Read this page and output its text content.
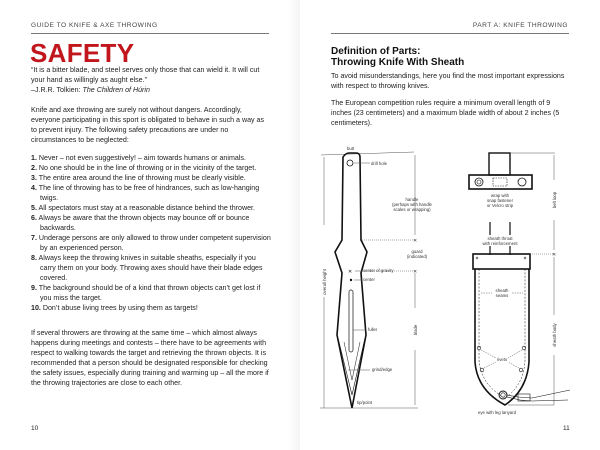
GUIDE TO KNIFE & AXE THROWING
SAFETY
“It is a bitter blade, and steel serves only those that can wield it. It will cut your hand as willingly as aught else.”
–J.R.R. Tolkien: The Children of Húrin
Knife and axe throwing are surely not without dangers. Accordingly, everyone participating in this sport is obligated to behave in such a way as to prevent injury. The following safety precautions are under no circumstances to be neglected:
1. Never – not even suggestively! – aim towards humans or animals.
2. No one should be in the line of throwing or in the vicinity of the target.
3. The entire area around the line of throwing must be clearly visible.
4. The line of throwing has to be free of hindrances, such as low-hanging twigs.
5. All spectators must stay at a reasonable distance behind the thrower.
6. Always be aware that the thrown objects may bounce off or bounce backwards.
7. Underage persons are only allowed to throw under competent supervision by an experienced person.
8. Always keep the throwing knives in suitable sheaths, especially if you carry them on your body. Throwing axes should have their blade edges covered.
9. The background should be of a kind that thrown objects can’t get lost if you miss the target.
10. Don’t abuse living trees by using them as targets!
If several throwers are throwing at the same time – which almost always happens during meetings and contests – there have to be agreements with respect to walking towards the target and retrieving the thrown objects. It is recommended that a person should be designated responsible for checking the safety issues, especially during training and warming up – all the more if the throwing trajectories are close to each other.
10
PART A: KNIFE THROWING
Definition of Parts:
Throwing Knife With Sheath
To avoid misunderstandings, here you find the most important expressions with respect to throwing knives.
The European competition rules require a minimum overall length of 9 inches (23 centimeters) and a maximum blade width of about 2 inches (5 centimeters).
✕
✕
✕
butt
drill hole
handle
(perhaps with handle
scales or wrapping)
guard
(indicated)
center of gravity
center
overall height
fuller	blade
grind/edge
tip/point
✕
wrap with
snap fastener
or Velcro strip	belt loop
sheath throat
with reinforcement
sheath
seams
sheath body
rivets
eye with leg lanyard
11
